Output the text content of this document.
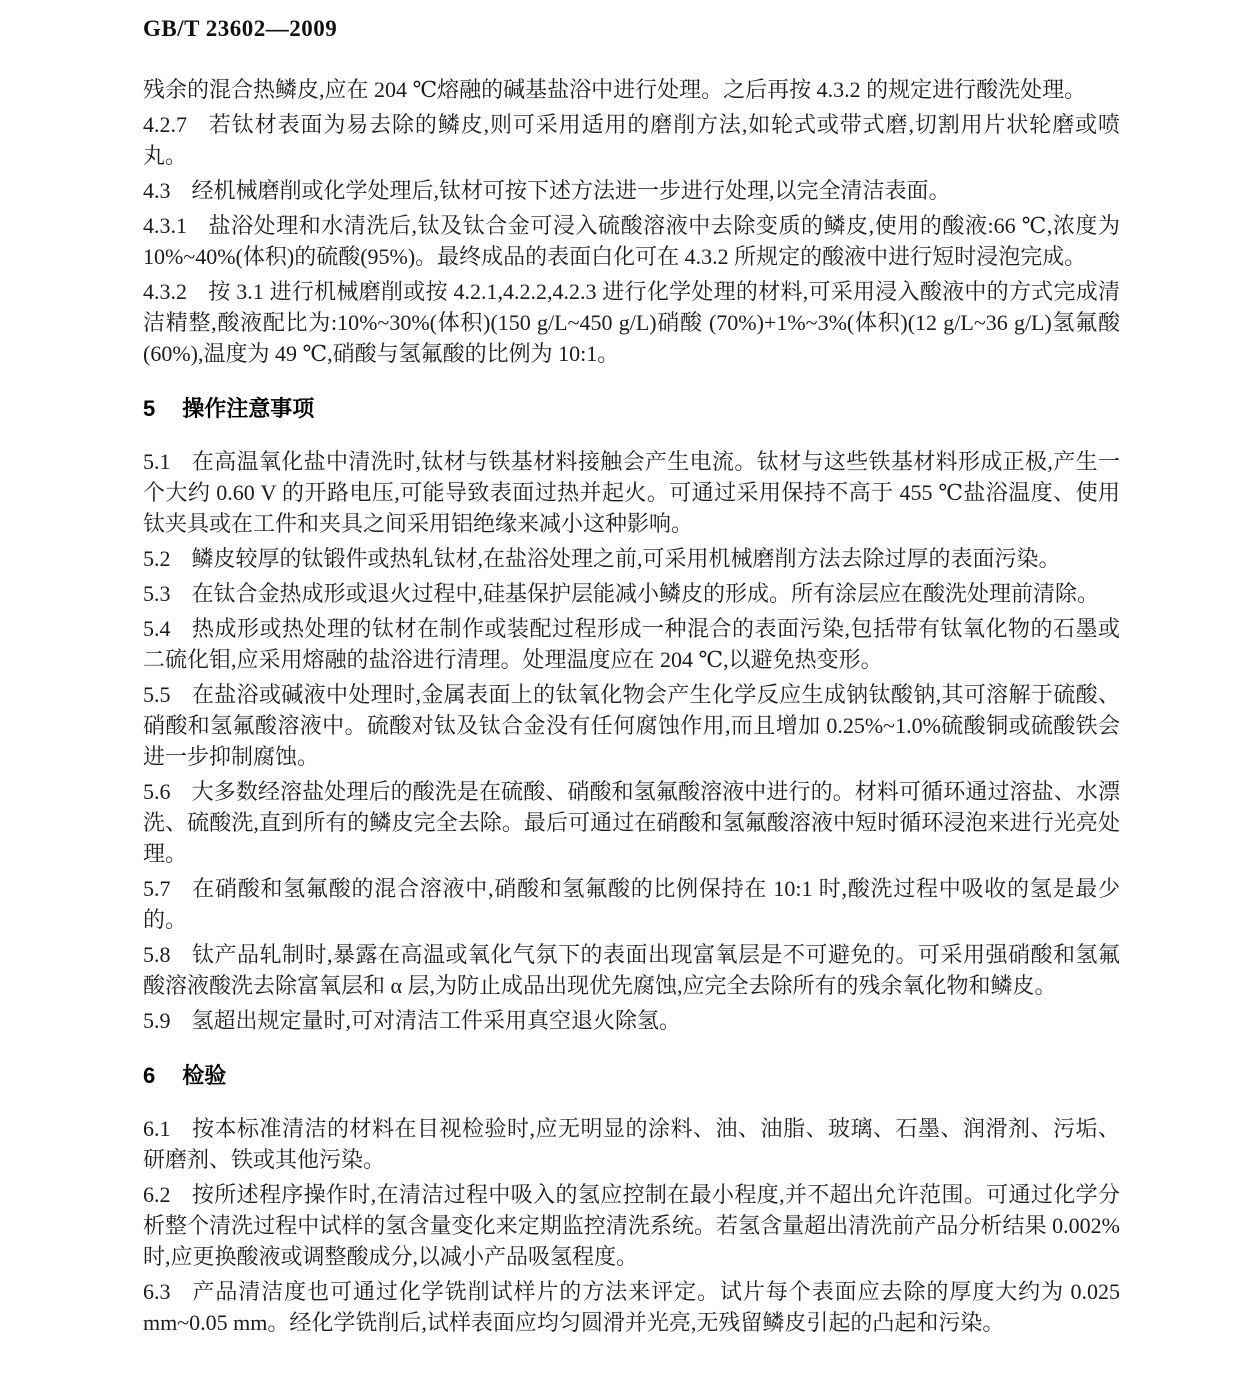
GB/T 23602—2009

残余的混合热鳞皮,应在 204 ℃熔融的碱基盐浴中进行处理。之后再按 4.3.2 的规定进行酸洗处理。

4.2.7 若钛材表面为易去除的鳞皮,则可采用适用的磨削方法,如轮式或带式磨,切割用片状轮磨或喷丸。

4.3 经机械磨削或化学处理后,钛材可按下述方法进一步进行处理,以完全清洁表面。

4.3.1 盐浴处理和水清洗后,钛及钛合金可浸入硫酸溶液中去除变质的鳞皮,使用的酸液:66 ℃,浓度为 10%~40%(体积)的硫酸(95%)。最终成品的表面白化可在 4.3.2 所规定的酸液中进行短时浸泡完成。

4.3.2 按 3.1 进行机械磨削或按 4.2.1,4.2.2,4.2.3 进行化学处理的材料,可采用浸入酸液中的方式完成清洁精整,酸液配比为:10%~30%(体积)(150 g/L~450 g/L)硝酸 (70%)+1%~3%(体积)(12 g/L~36 g/L)氢氟酸(60%),温度为 49 ℃,硝酸与氢氟酸的比例为 10:1。

5 操作注意事项

5.1 在高温氧化盐中清洗时,钛材与铁基材料接触会产生电流。钛材与这些铁基材料形成正极,产生一个大约 0.60 V 的开路电压,可能导致表面过热并起火。可通过采用保持不高于 455 ℃盐浴温度、使用钛夹具或在工件和夹具之间采用铝绝缘来减小这种影响。

5.2 鳞皮较厚的钛锻件或热轧钛材,在盐浴处理之前,可采用机械磨削方法去除过厚的表面污染。

5.3 在钛合金热成形或退火过程中,硅基保护层能减小鳞皮的形成。所有涂层应在酸洗处理前清除。

5.4 热成形或热处理的钛材在制作或装配过程形成一种混合的表面污染,包括带有钛氧化物的石墨或二硫化钼,应采用熔融的盐浴进行清理。处理温度应在 204 ℃,以避免热变形。

5.5 在盐浴或碱液中处理时,金属表面上的钛氧化物会产生化学反应生成钠钛酸钠,其可溶解于硫酸、硝酸和氢氟酸溶液中。硫酸对钛及钛合金没有任何腐蚀作用,而且增加 0.25%~1.0%硫酸铜或硫酸铁会进一步抑制腐蚀。

5.6 大多数经溶盐处理后的酸洗是在硫酸、硝酸和氢氟酸溶液中进行的。材料可循环通过溶盐、水漂洗、硫酸洗,直到所有的鳞皮完全去除。最后可通过在硝酸和氢氟酸溶液中短时循环浸泡来进行光亮处理。

5.7 在硝酸和氢氟酸的混合溶液中,硝酸和氢氟酸的比例保持在 10:1 时,酸洗过程中吸收的氢是最少的。

5.8 钛产品轧制时,暴露在高温或氧化气氛下的表面出现富氧层是不可避免的。可采用强硝酸和氢氟酸溶液酸洗去除富氧层和 α 层,为防止成品出现优先腐蚀,应完全去除所有的残余氧化物和鳞皮。

5.9 氢超出规定量时,可对清洁工件采用真空退火除氢。

6 检验

6.1 按本标准清洁的材料在目视检验时,应无明显的涂料、油、油脂、玻璃、石墨、润滑剂、污垢、研磨剂、铁或其他污染。

6.2 按所述程序操作时,在清洁过程中吸入的氢应控制在最小程度,并不超出允许范围。可通过化学分析整个清洗过程中试样的氢含量变化来定期监控清洗系统。若氢含量超出清洗前产品分析结果 0.002%时,应更换酸液或调整酸成分,以减小产品吸氢程度。

6.3 产品清洁度也可通过化学铣削试样片的方法来评定。试片每个表面应去除的厚度大约为 0.025 mm~0.05 mm。经化学铣削后,试样表面应均匀圆滑并光亮,无残留鳞皮引起的凸起和污染。
